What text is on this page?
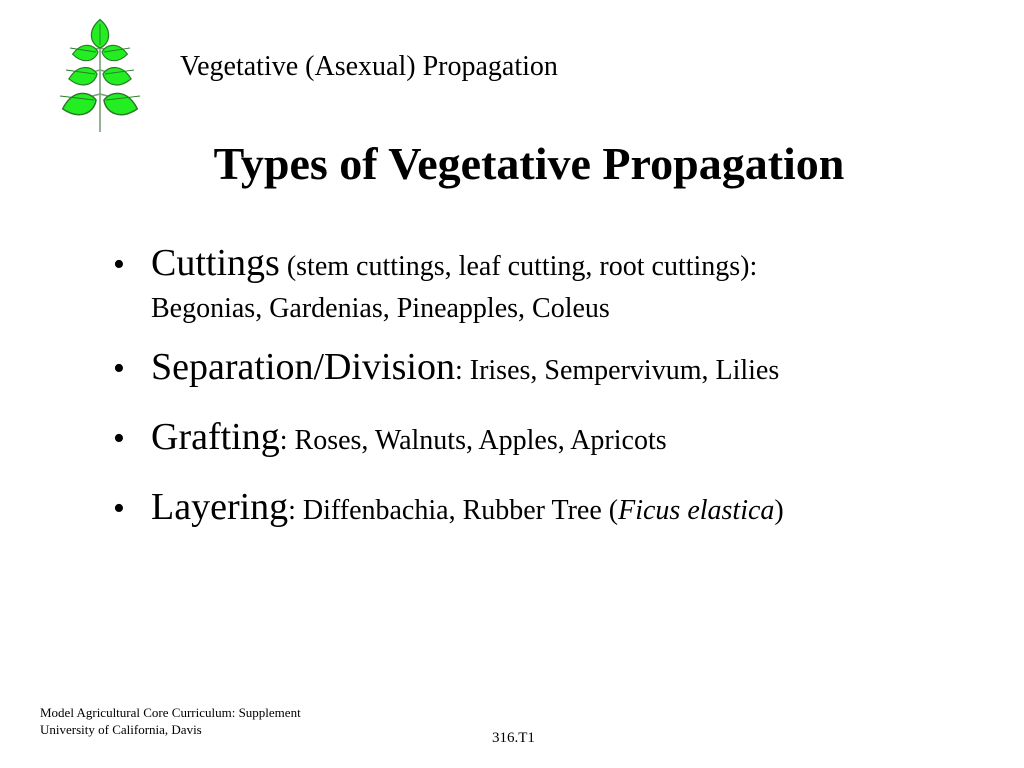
Vegetative (Asexual) Propagation
Types of Vegetative Propagation
• Cuttings (stem cuttings, leaf cutting, root cuttings):
Begonias, Gardenias, Pineapples, Coleus
• Separation/Division: Irises, Sempervivum, Lilies
• Grafting: Roses, Walnuts, Apples, Apricots
• Layering: Diffenbachia, Rubber Tree (Ficus elastica)
Model Agricultural Core Curriculum: Supplement
University of California, Davis
316.T1
